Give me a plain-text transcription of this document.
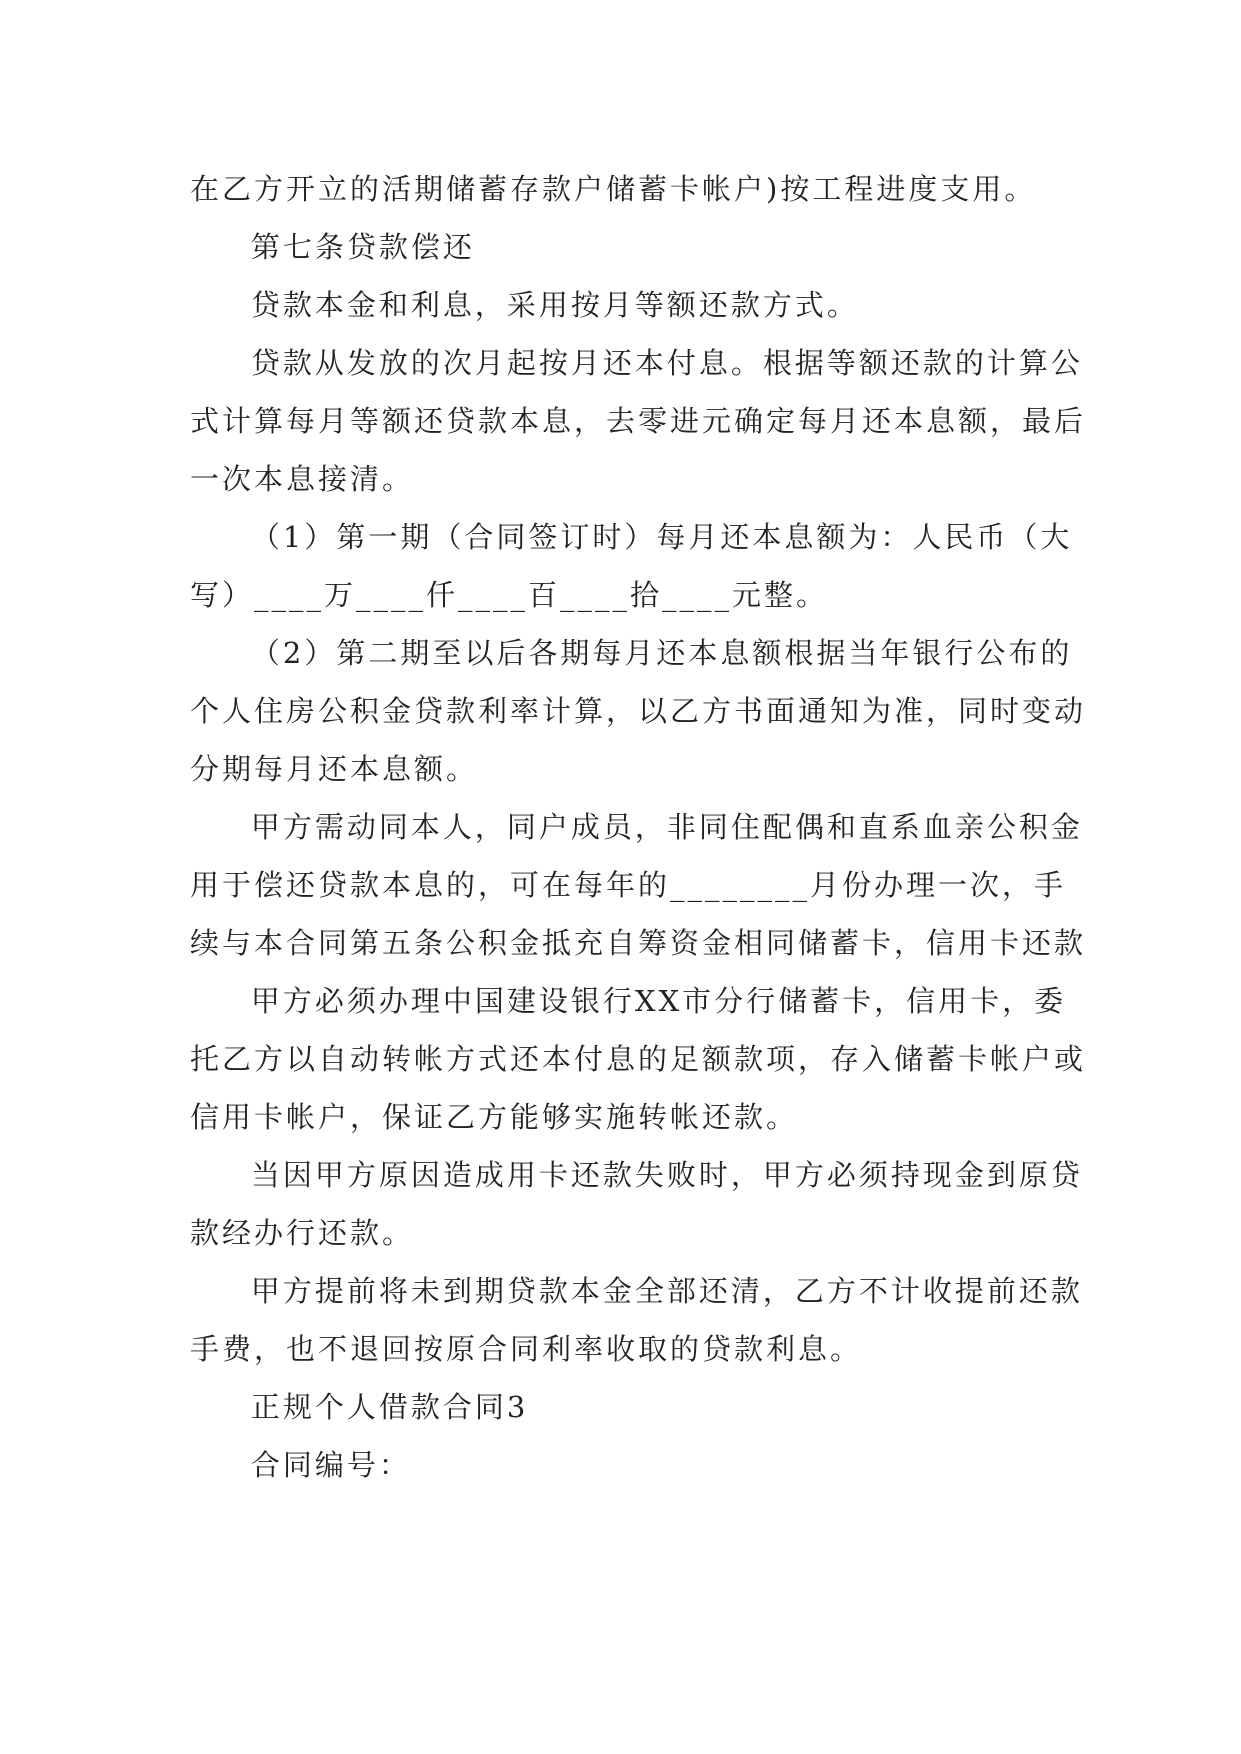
在乙方开立的活期储蓄存款户储蓄卡帐户)按工程进度支用。

第七条贷款偿还

贷款本金和利息，采用按月等额还款方式。

贷款从发放的次月起按月还本付息。根据等额还款的计算公式计算每月等额还贷款本息，去零进元确定每月还本息额，最后一次本息接清。

（1）第一期（合同签订时）每月还本息额为：人民币（大写）____万____仟____百____拾____元整。

（2）第二期至以后各期每月还本息额根据当年银行公布的个人住房公积金贷款利率计算，以乙方书面通知为准，同时变动分期每月还本息额。

甲方需动同本人，同户成员，非同住配偶和直系血亲公积金用于偿还贷款本息的，可在每年的________月份办理一次，手续与本合同第五条公积金抵充自筹资金相同储蓄卡，信用卡还款

甲方必须办理中国建设银行XX市分行储蓄卡，信用卡，委托乙方以自动转帐方式还本付息的足额款项，存入储蓄卡帐户或信用卡帐户，保证乙方能够实施转帐还款。

当因甲方原因造成用卡还款失败时，甲方必须持现金到原贷款经办行还款。

甲方提前将未到期贷款本金全部还清，乙方不计收提前还款手费，也不退回按原合同利率收取的贷款利息。

正规个人借款合同3

合同编号：
